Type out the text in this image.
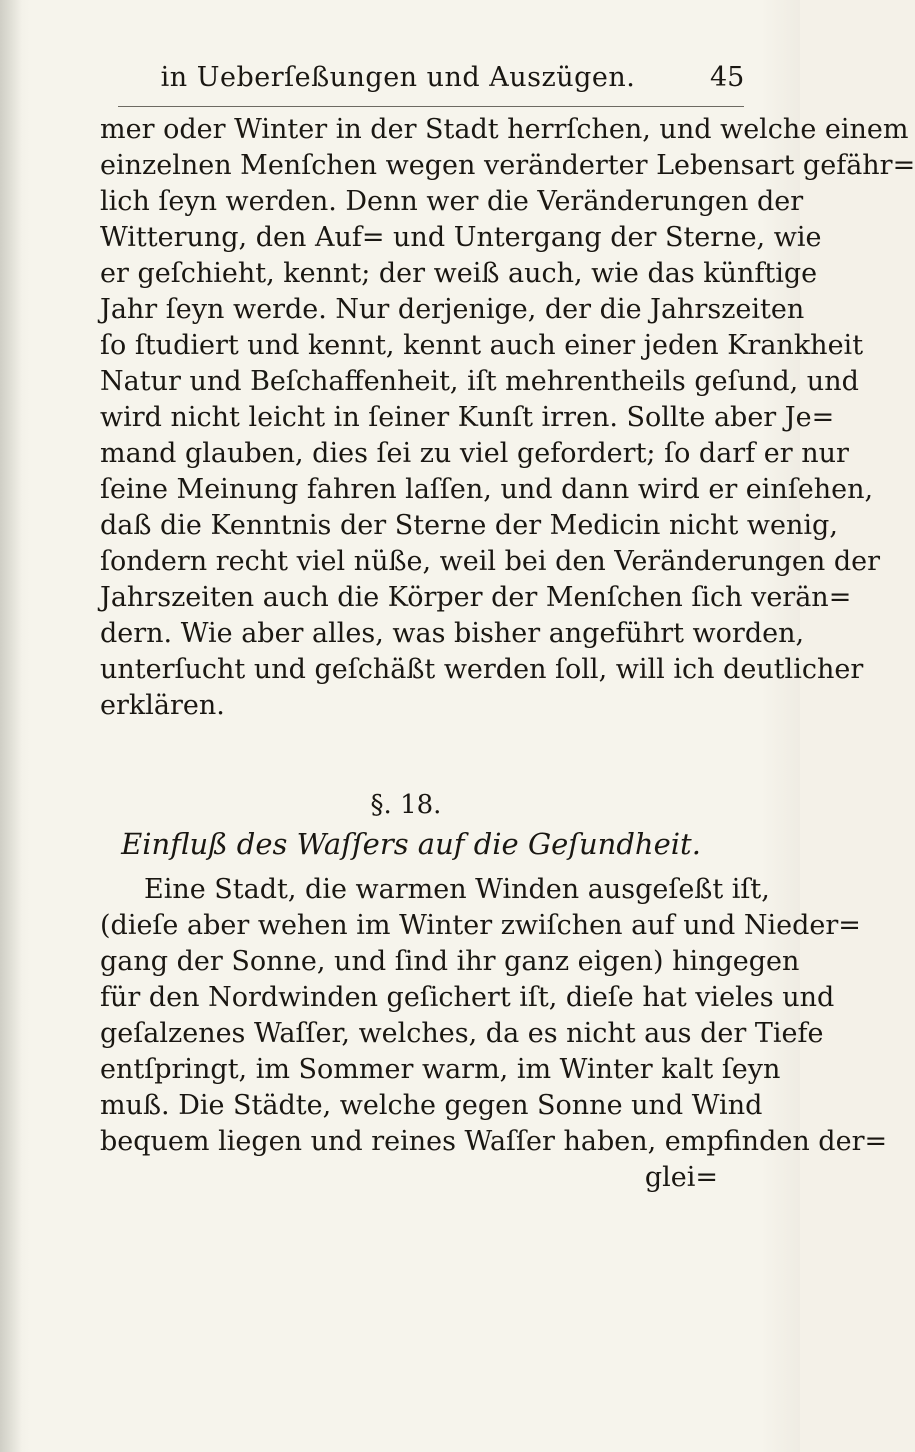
in Ueberſeßungen und Auszügen.	45
mer oder Winter in der Stadt herrſchen, und welche einem
einzelnen Menſchen wegen veränderter Lebensart gefähr=
lich ſeyn werden. Denn wer die Veränderungen der
Witterung, den Auf= und Untergang der Sterne, wie
er geſchieht, kennt; der weiß auch, wie das künftige
Jahr ſeyn werde. Nur derjenige, der die Jahrszeiten
ſo ſtudiert und kennt, kennt auch einer jeden Krankheit
Natur und Beſchaffenheit, iſt mehrentheils geſund, und
wird nicht leicht in ſeiner Kunſt irren. Sollte aber Je=
mand glauben, dies ſei zu viel gefordert; ſo darf er nur
ſeine Meinung fahren laſſen, und dann wird er einſehen,
daß die Kenntnis der Sterne der Medicin nicht wenig,
ſondern recht viel nüße, weil bei den Veränderungen der
Jahrszeiten auch die Körper der Menſchen ſich verän=
dern. Wie aber alles, was bisher angeführt worden,
unterſucht und geſchäßt werden ſoll, will ich deutlicher
erklären.
§. 18.
Einfluß des Waſſers auf die Geſundheit.
Eine Stadt, die warmen Winden ausgeſeßt iſt,
(dieſe aber wehen im Winter zwiſchen auf und Nieder=
gang der Sonne, und ſind ihr ganz eigen) hingegen
für den Nordwinden geſichert iſt, dieſe hat vieles und
geſalzenes Waſſer, welches, da es nicht aus der Tiefe
entſpringt, im Sommer warm, im Winter kalt ſeyn
muß. Die Städte, welche gegen Sonne und Wind
bequem liegen und reines Waſſer haben, empfinden der=
glei=
